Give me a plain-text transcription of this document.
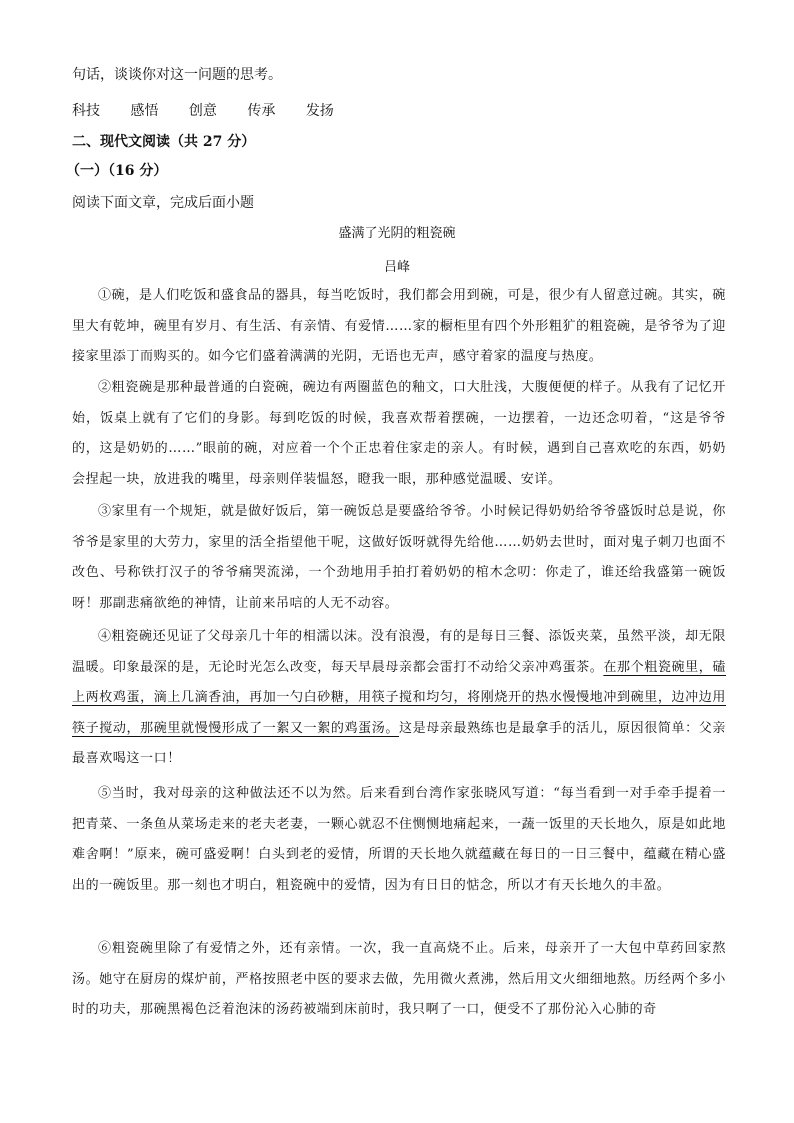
句话，谈谈你对这一问题的思考。
科技 感悟 创意 传承 发扬
二、现代文阅读（共 27 分）
（一）（16 分）
阅读下面文章，完成后面小题
盛满了光阴的粗瓷碗
吕峰
①碗，是人们吃饭和盛食品的器具，每当吃饭时，我们都会用到碗，可是，很少有人留意过碗。其实，碗里大有乾坤，碗里有岁月、有生活、有亲情、有爱情……家的橱柜里有四个外形粗犷的粗瓷碗，是爷爷为了迎接家里添丁而购买的。如今它们盛着满满的光阴，无语也无声，感守着家的温度与热度。
②粗瓷碗是那种最普通的白瓷碗，碗边有两圈蓝色的釉文，口大肚浅，大腹便便的样子。从我有了记忆开始，饭桌上就有了它们的身影。每到吃饭的时候，我喜欢帮着摆碗，一边摆着，一边还念叨着，“这是爷爷的，这是奶奶的……”眼前的碗，对应着一个个正忠着住家走的亲人。有时候，遇到自己喜欢吃的东西，奶奶会捏起一块，放进我的嘴里，母亲则佯装愠怒，瞪我一眼，那种感觉温暖、安详。
③家里有一个规矩，就是做好饭后，第一碗饭总是要盛给爷爷。小时候记得奶奶给爷爷盛饭时总是说，你爷爷是家里的大劳力，家里的活全指望他干呢，这做好饭呀就得先给他……奶奶去世时，面对鬼子刺刀也面不改色、号称铁打汉子的爷爷痛哭流涕，一个劲地用手拍打着奶奶的棺木念叨：你走了，谁还给我盛第一碗饭呀！那副悲痛欲绝的神情，让前来吊唁的人无不动容。
④粗瓷碗还见证了父母亲几十年的相濡以沫。没有浪漫，有的是每日三餐、添饭夹菜，虽然平淡，却无限温暖。印象最深的是，无论时光怎么改变，每天早晨母亲都会雷打不动给父亲冲鸡蛋茶。在那个粗瓷碗里，磕上两枚鸡蛋，滴上几滴香油，再加一勺白砂糖，用筷子搅和均匀，将刚烧开的热水慢慢地冲到碗里，边冲边用筷子搅动，那碗里就慢慢形成了一絮又一絮的鸡蛋汤。这是母亲最熟练也是最拿手的活儿，原因很简单：父亲最喜欢喝这一口！
⑤当时，我对母亲的这种做法还不以为然。后来看到台湾作家张晓风写道：“每当看到一对手牵手提着一把青菜、一条鱼从菜场走来的老夫老妻，一颗心就忍不住恻恻地痛起来，一蔬一饭里的天长地久，原是如此地难舍啊！”原来，碗可盛爱啊！白头到老的爱情，所谓的天长地久就蕴藏在每日的一日三餐中，蕴藏在精心盛出的一碗饭里。那一刻也才明白，粗瓷碗中的爱情，因为有日日的惦念，所以才有天长地久的丰盈。
⑥粗瓷碗里除了有爱情之外，还有亲情。一次，我一直高烧不止。后来，母亲开了一大包中草药回家熬汤。她守在厨房的煤炉前，严格按照老中医的要求去做，先用微火煮沸，然后用文火细细地熬。历经两个多小时的功夫，那碗黑褐色泛着泡沫的汤药被端到床前时，我只啊了一口，便受不了那份沁入心肺的奇
